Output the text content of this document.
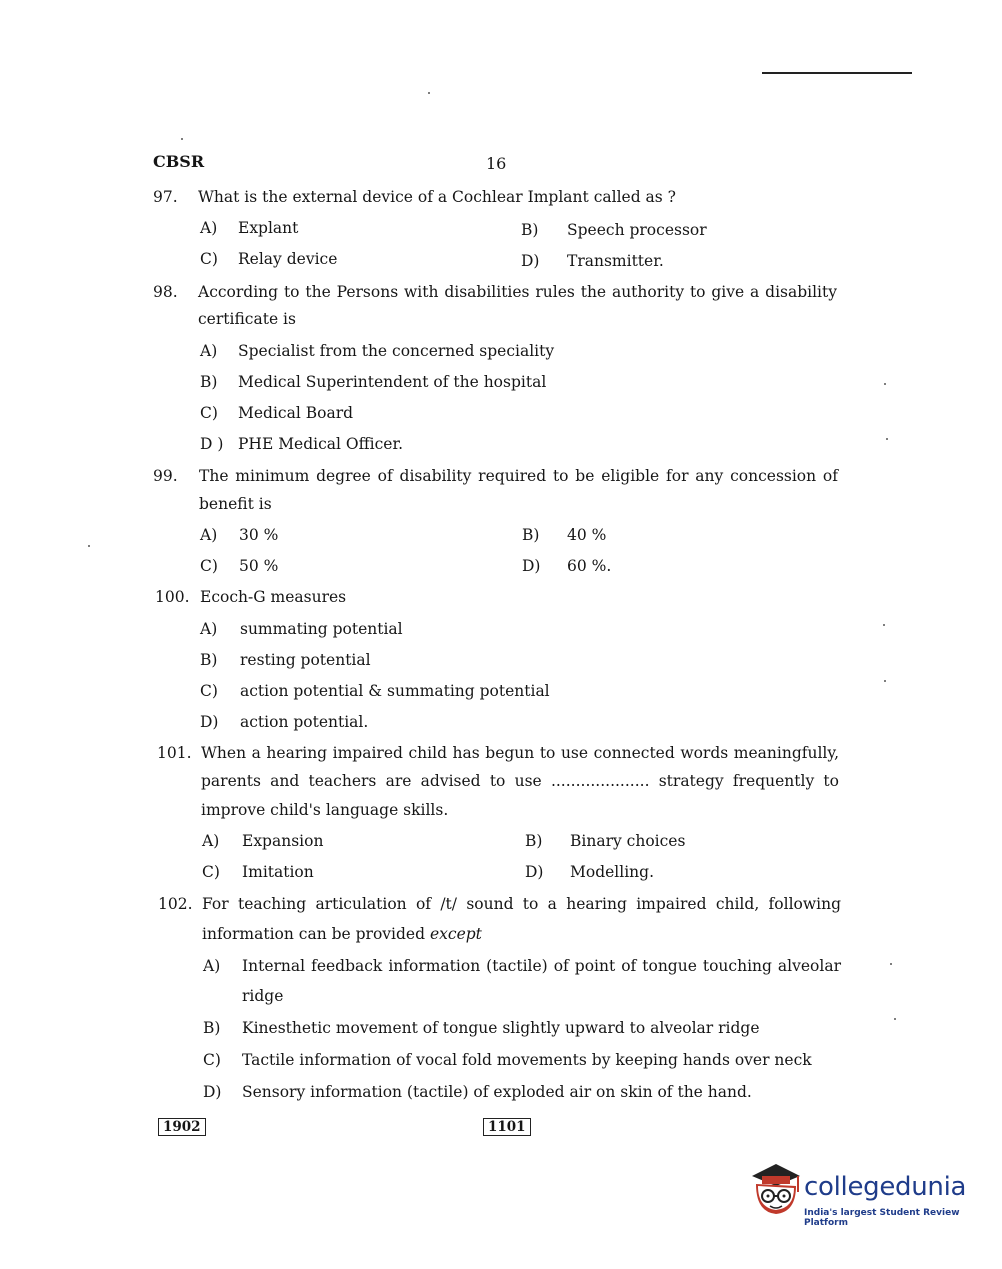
CBSR	16
97. What is the external device of a Cochlear Implant called as ?
A) Explant	B) Speech processor
C) Relay device	D) Transmitter.
98. According to the Persons with disabilities rules the authority to give a disability
certificate is
A) Specialist from the concerned speciality
B) Medical Superintendent of the hospital
C) Medical Board
D ) PHE Medical Officer.
99. The minimum degree of disability required to be eligible for any concession of
benefit is
A) 30 %	B) 40 %
C) 50 %	D) 60 %.
100. Ecoch-G measures
A) summating potential
B) resting potential
C) action potential & summating potential
D) action potential.
101. When a hearing impaired child has begun to use connected words meaningfully,
parents and teachers are advised to use .................... strategy frequently to
improve child's language skills.
A) Expansion	B) Binary choices
C) Imitation	D) Modelling.
102. For teaching articulation of /t/ sound to a hearing impaired child, following
information can be provided except
A) Internal feedback information (tactile) of point of tongue touching alveolar
ridge
B) Kinesthetic movement of tongue slightly upward to alveolar ridge
C) Tactile information of vocal fold movements by keeping hands over neck
D) Sensory information (tactile) of exploded air on skin of the hand.
1902	1101
collegedunia
India's largest Student Review Platform
